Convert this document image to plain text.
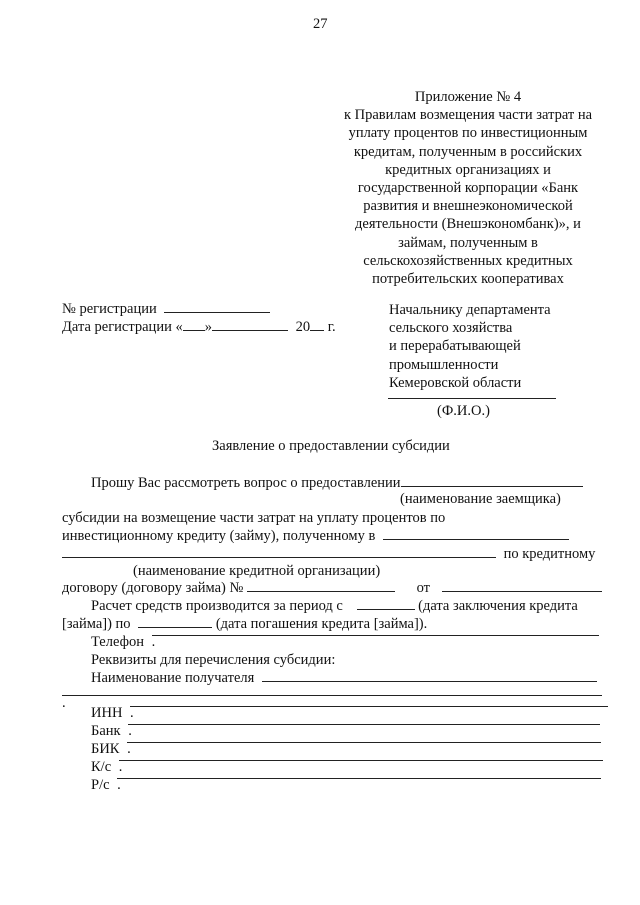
27
Приложение № 4
к Правилам возмещения части затрат на
уплату процентов по инвестиционным
кредитам, полученным в российских
кредитных организациях и
государственной корпорации «Банк
развития и внешнеэкономической
деятельности (Внешэкономбанк)», и
займам, полученным в
сельскохозяйственных кредитных
потребительских кооперативах
№ регистрации
Дата регистрации « »	20 г.
Начальнику департамента
сельского хозяйства
и перерабатывающей
промышленности
Кемеровской области
(Ф.И.О.)
Заявление о предоставлении субсидии
Прошу Вас рассмотреть вопрос о предоставлении
(наименование заемщика)
субсидии на возмещение части затрат на уплату процентов по
инвестиционному кредиту (займу), полученному в
по кредитному
(наименование кредитной организации)
договору (договору займа) №	от
Расчет средств производится за период с	(дата заключения кредита
[займа]) по	(дата погашения кредита [займа]).
Телефон .
Реквизиты для перечисления субсидии:
Наименование получателя
.
ИНН .
Банк .
БИК .
К/с .
Р/с .
